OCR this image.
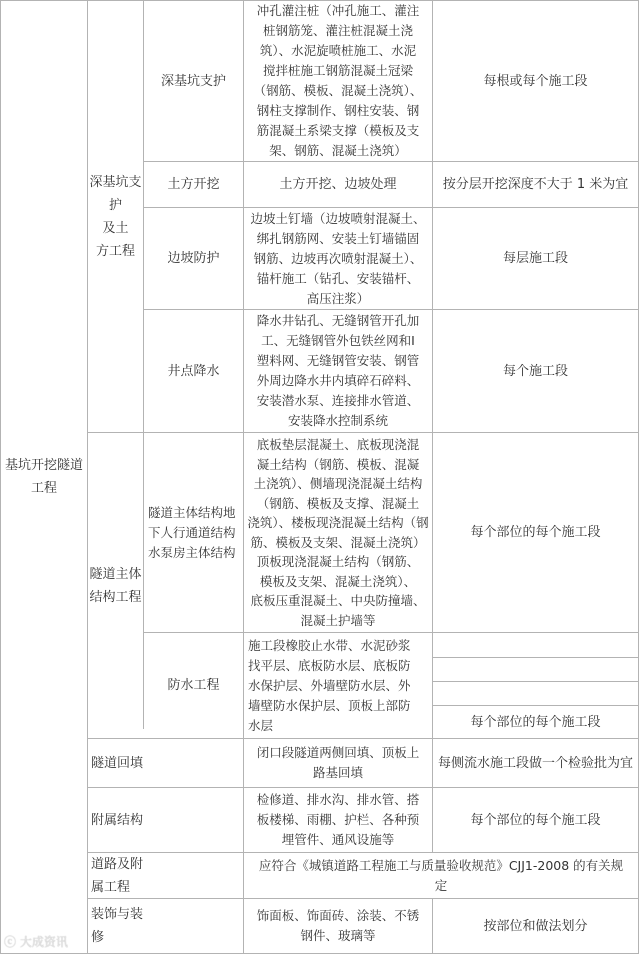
基坑开挖隧道
工程
深基坑支
护
及土
方工程
隧道主体
结构工程
隧道回填
附属结构
道路及附
属工程
装饰与装
修
深基坑支护
土方开挖
边坡防护
井点降水
隧道主体结构地
下人行通道结构
水泵房主体结构
防水工程
冲孔灌注桩（冲孔施工、灌注
桩钢筋笼、灌注桩混凝土浇
筑）、水泥旋喷桩施工、水泥
搅拌桩施工钢筋混凝土冠梁
（钢筋、模板、混凝土浇筑）、
钢柱支撑制作、钢柱安装、钢
筋混凝土系梁支撑（模板及支
架、钢筋、混凝土浇筑）
土方开挖、边坡处理
边坡土钉墙（边坡喷射混凝土、
绑扎钢筋网、安装土钉墙锚固
钢筋、边坡再次喷射混凝土）、
锚杆施工（钻孔、安装锚杆、
高压注浆）
降水井钻孔、无缝钢管开孔加
工、无缝钢管外包铁丝网和I
塑料网、无缝钢管安装、钢管
外周边降水井内填碎石碎料、
安装潜水泵、连接排水管道、
安装降水控制系统
底板垫层混凝土、底板现浇混
凝土结构（钢筋、模板、混凝
土浇筑）、侧墙现浇混凝土结构
（钢筋、模板及支撑、混凝土
浇筑）、楼板现浇混凝土结构（钢
筋、模板及支架、混凝土浇筑）
顶板现浇混凝土结构（钢筋、
模板及支架、混凝土浇筑）、
底板压重混凝土、中央防撞墙、
混凝土护墙等
施工段橡胶止水带、水泥砂浆
找平层、底板防水层、底板防
水保护层、外墙壁防水层、外
墙壁防水保护层、顶板上部防
水层
闭口段隧道两侧回填、顶板上
路基回填
检修道、排水沟、排水管、搭
板楼梯、雨棚、护栏、各种预
埋管件、通风设施等
应符合《城镇道路工程施工与质量验收规范》CJJ1-2008 的有关规
定
饰面板、饰面砖、涂装、不锈
钢件、玻璃等
每根或每个施工段
按分层开挖深度不大于 1 米为宜
每层施工段
每个施工段
每个部位的每个施工段
每个部位的每个施工段
每侧流水施工段做一个检验批为宜
每个部位的每个施工段
按部位和做法划分
ⓒ 大成资讯
